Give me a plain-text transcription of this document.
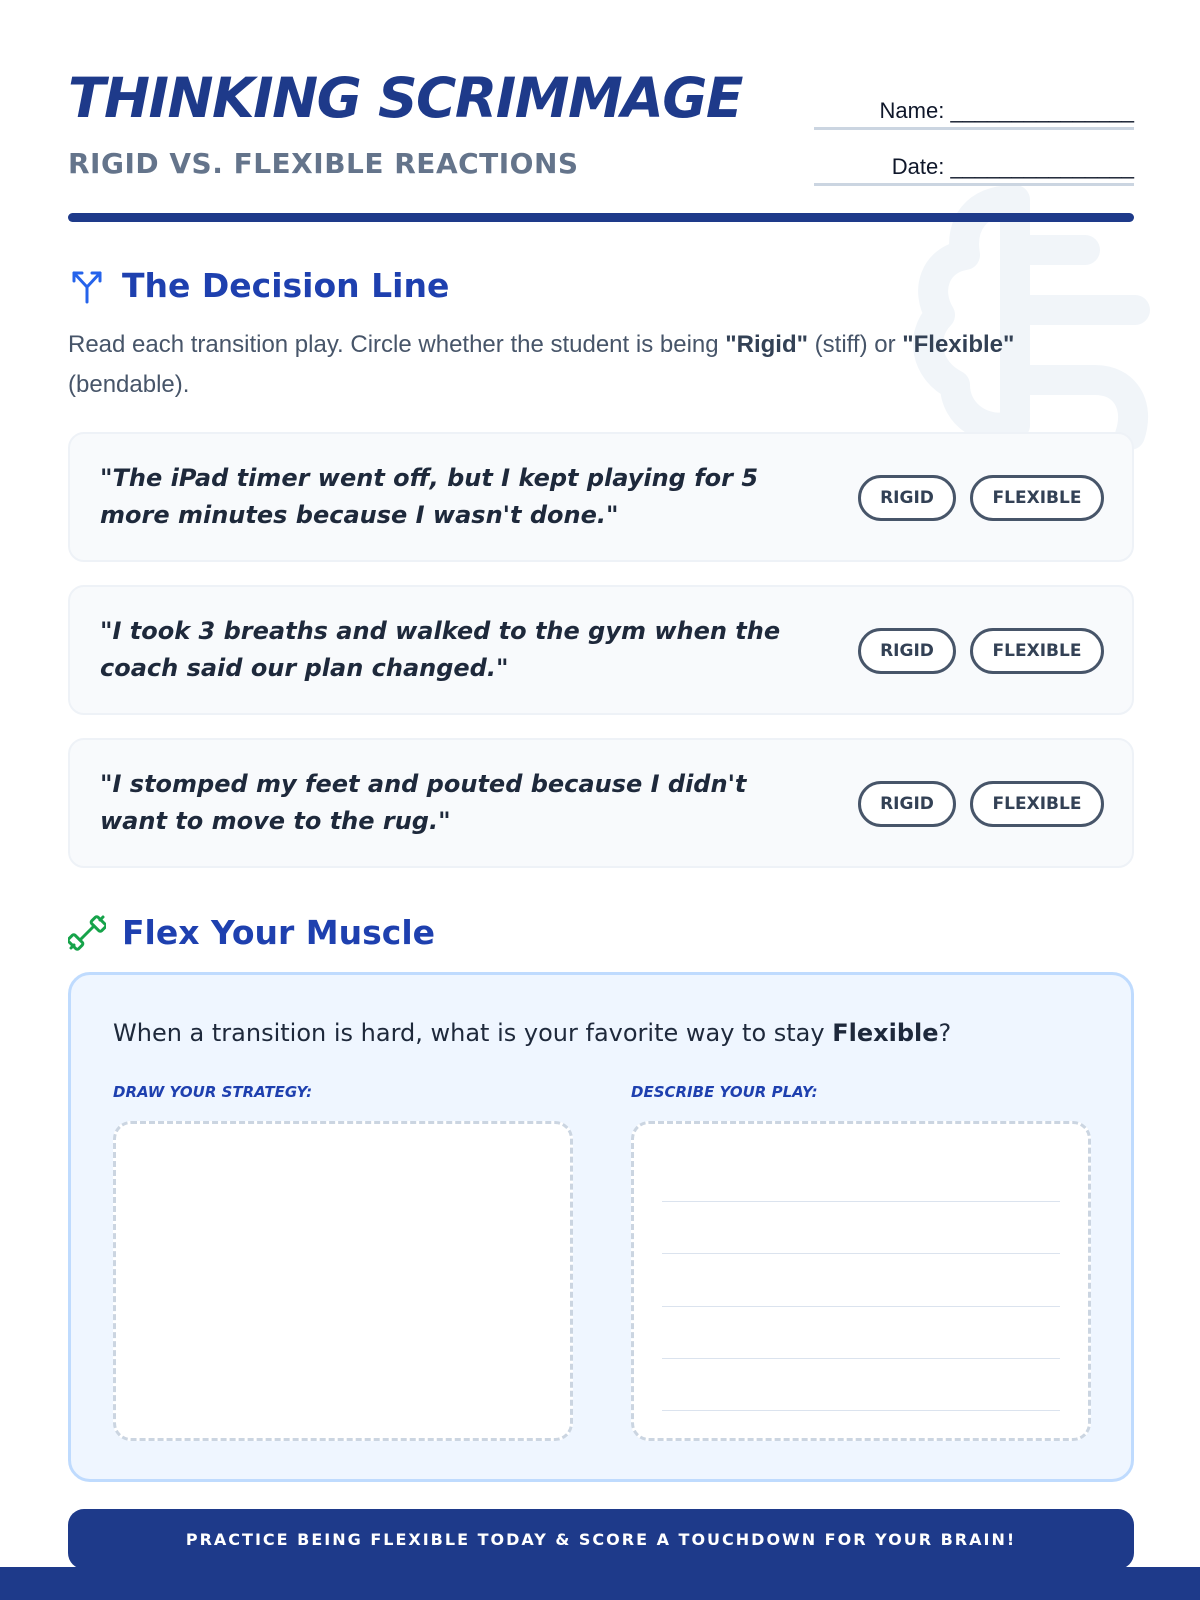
THINKING SCRIMMAGE
RIGID VS. FLEXIBLE REACTIONS
Name: _______________
Date: _______________
The Decision Line

Read each transition play. Circle whether the student is being "Rigid" (stiff) or "Flexible" (bendable).

"The iPad timer went off, but I kept playing for 5 more minutes because I wasn't done."
RIGID	FLEXIBLE
"I took 3 breaths and walked to the gym when the coach said our plan changed."
RIGID	FLEXIBLE
"I stomped my feet and pouted because I didn't want to move to the rug."
RIGID	FLEXIBLE
Flex Your Muscle
When a transition is hard, what is your favorite way to stay Flexible?
DRAW YOUR STRATEGY:	DESCRIBE YOUR PLAY:
PRACTICE BEING FLEXIBLE TODAY & SCORE A TOUCHDOWN FOR YOUR BRAIN!
